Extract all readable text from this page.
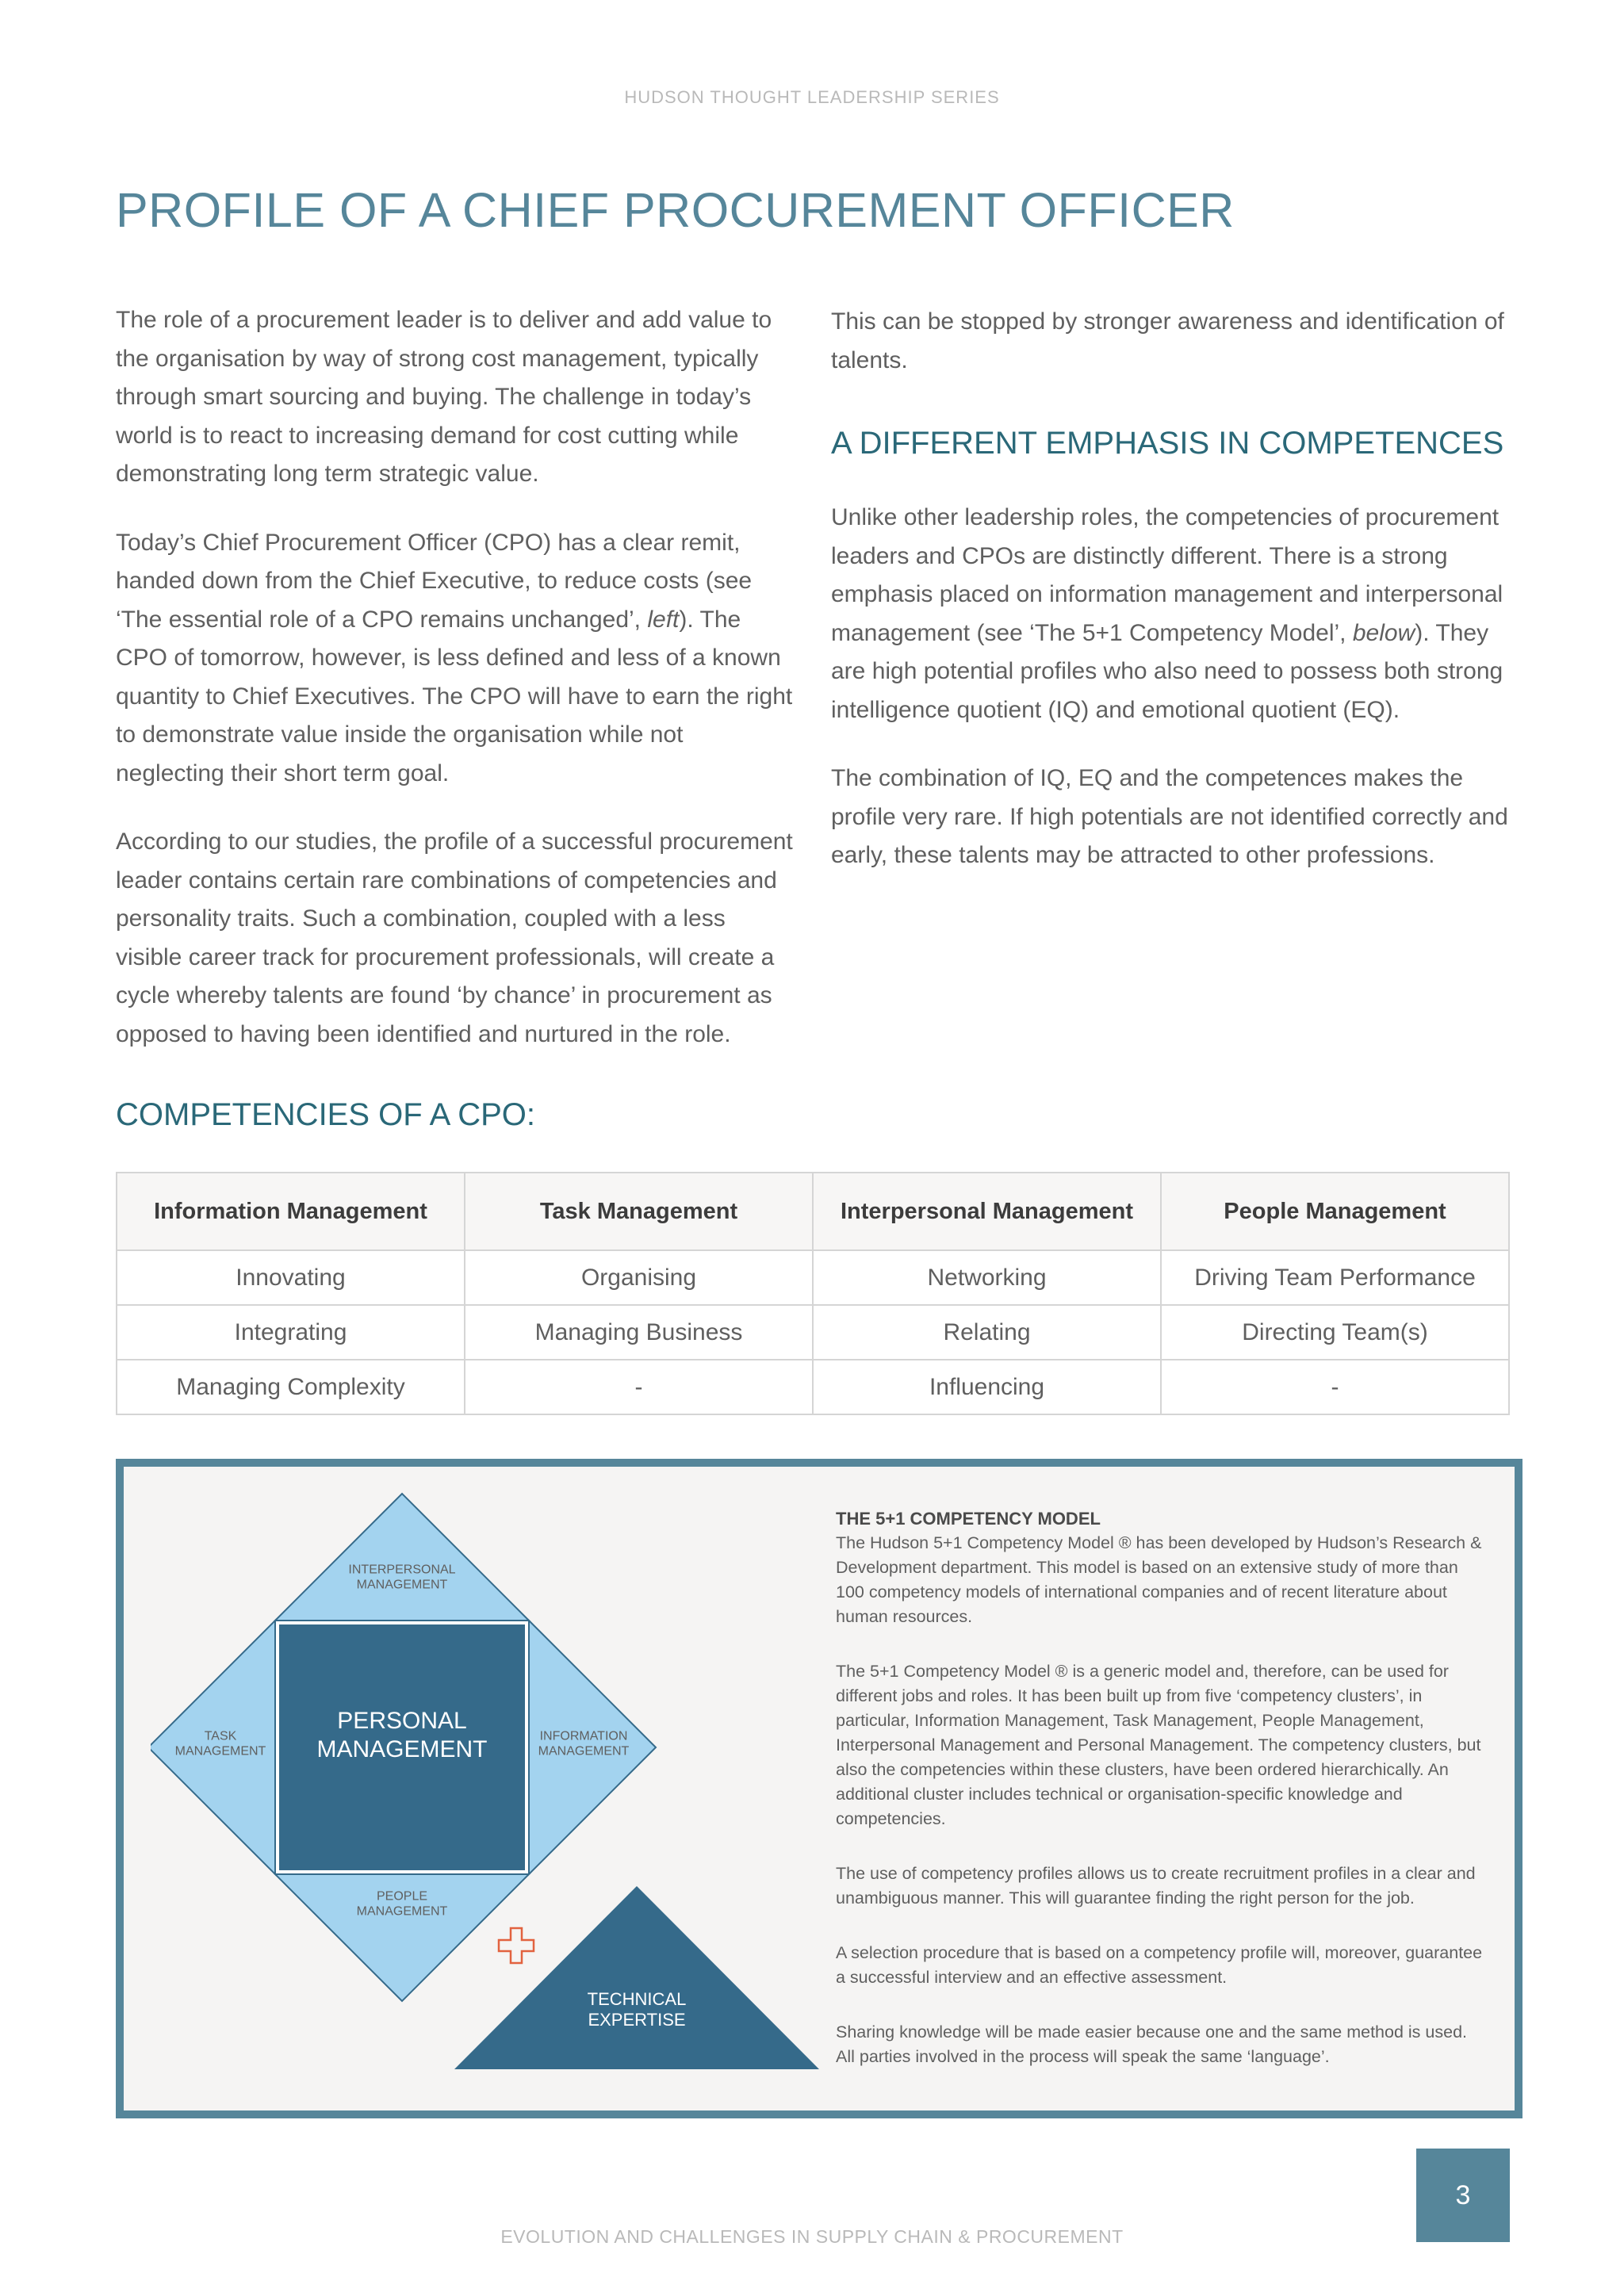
HUDSON THOUGHT LEADERSHIP SERIES
PROFILE OF A CHIEF PROCUREMENT OFFICER

The role of a procurement leader is to deliver and add value to the organisation by way of strong cost management, typically through smart sourcing and buying. The challenge in today’s world is to react to increasing demand for cost cutting while demonstrating long term strategic value.

Today’s Chief Procurement Officer (CPO) has a clear remit, handed down from the Chief Executive, to reduce costs (see ‘The essential role of a CPO remains unchanged’, left). The CPO of tomorrow, however, is less defined and less of a known quantity to Chief Executives. The CPO will have to earn the right to demonstrate value inside the organisation while not neglecting their short term goal.

According to our studies, the profile of a successful procurement leader contains certain rare combinations of competencies and personality traits. Such a combination, coupled with a less visible career track for procurement professionals, will create a cycle whereby talents are found ‘by chance’ in procurement as opposed to having been identified and nurtured in the role.

This can be stopped by stronger awareness and identification of talents.

A DIFFERENT EMPHASIS IN COMPETENCES

Unlike other leadership roles, the competencies of procurement leaders and CPOs are distinctly different. There is a strong emphasis placed on information management and interpersonal management (see ‘The 5+1 Competency Model’, below). They are high potential profiles who also need to possess both strong intelligence quotient (IQ) and emotional quotient (EQ).

The combination of IQ, EQ and the competences makes the profile very rare. If high potentials are not identified correctly and early, these talents may be attracted to other professions.

COMPETENCIES OF A CPO:
Information Management	Task Management	Interpersonal Management	People Management
Innovating	Organising	Networking	Driving Team Performance
Integrating	Managing Business	Relating	Directing Team(s)
Managing Complexity	-	Influencing	-
INTERPERSONAL MANAGEMENT
TASK MANAGEMENT
INFORMATION MANAGEMENT
PEOPLE MANAGEMENT
PERSONAL MANAGEMENT
TECHNICAL EXPERTISE
THE 5+1 COMPETENCY MODEL

The Hudson 5+1 Competency Model ® has been developed by Hudson’s Research & Development department. This model is based on an extensive study of more than 100 competency models of international companies and of recent literature about human resources.

The 5+1 Competency Model ® is a generic model and, therefore, can be used for different jobs and roles. It has been built up from five ‘competency clusters’, in particular, Information Management, Task Management, People Management, Interpersonal Management and Personal Management. The competency clusters, but also the competencies within these clusters, have been ordered hierarchically. An additional cluster includes technical or organisation-specific knowledge and competencies.

The use of competency profiles allows us to create recruitment profiles in a clear and unambiguous manner. This will guarantee finding the right person for the job.

A selection procedure that is based on a competency profile will, moreover, guarantee a successful interview and an effective assessment.

Sharing knowledge will be made easier because one and the same method is used. All parties involved in the process will speak the same ‘language’.

3
EVOLUTION AND CHALLENGES IN SUPPLY CHAIN & PROCUREMENT
